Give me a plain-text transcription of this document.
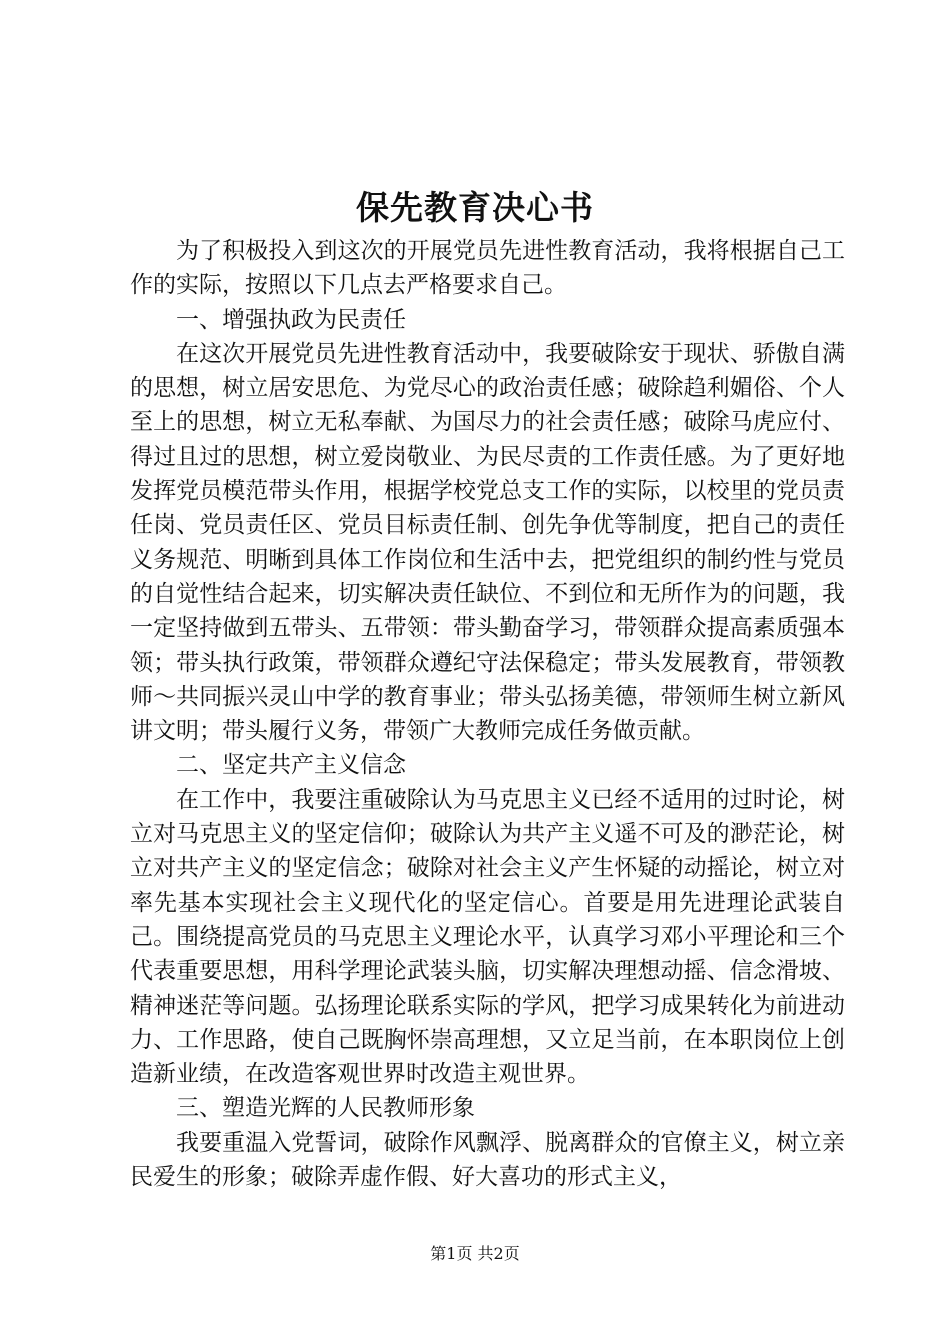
保先教育决心书

为了积极投入到这次的开展党员先进性教育活动，我将根据自己工作的实际，按照以下几点去严格要求自己。

一、增强执政为民责任

在这次开展党员先进性教育活动中，我要破除安于现状、骄傲自满的思想，树立居安思危、为党尽心的政治责任感；破除趋利媚俗、个人至上的思想，树立无私奉献、为国尽力的社会责任感；破除马虎应付、得过且过的思想，树立爱岗敬业、为民尽责的工作责任感。为了更好地发挥党员模范带头作用，根据学校党总支工作的实际，以校里的党员责任岗、党员责任区、党员目标责任制、创先争优等制度，把自己的责任义务规范、明晰到具体工作岗位和生活中去，把党组织的制约性与党员的自觉性结合起来，切实解决责任缺位、不到位和无所作为的问题，我一定坚持做到五带头、五带领：带头勤奋学习，带领群众提高素质强本领；带头执行政策，带领群众遵纪守法保稳定；带头发展教育，带领教师～共同振兴灵山中学的教育事业；带头弘扬美德，带领师生树立新风讲文明；带头履行义务，带领广大教师完成任务做贡献。

二、坚定共产主义信念

在工作中，我要注重破除认为马克思主义已经不适用的过时论，树立对马克思主义的坚定信仰；破除认为共产主义遥不可及的渺茫论，树立对共产主义的坚定信念；破除对社会主义产生怀疑的动摇论，树立对率先基本实现社会主义现代化的坚定信心。首要是用先进理论武装自己。围绕提高党员的马克思主义理论水平，认真学习邓小平理论和三个代表重要思想，用科学理论武装头脑，切实解决理想动摇、信念滑坡、精神迷茫等问题。弘扬理论联系实际的学风，把学习成果转化为前进动力、工作思路，使自己既胸怀崇高理想，又立足当前，在本职岗位上创造新业绩，在改造客观世界时改造主观世界。

三、塑造光辉的人民教师形象

我要重温入党誓词，破除作风飘浮、脱离群众的官僚主义，树立亲民爱生的形象；破除弄虚作假、好大喜功的形式主义，

第1页 共2页
